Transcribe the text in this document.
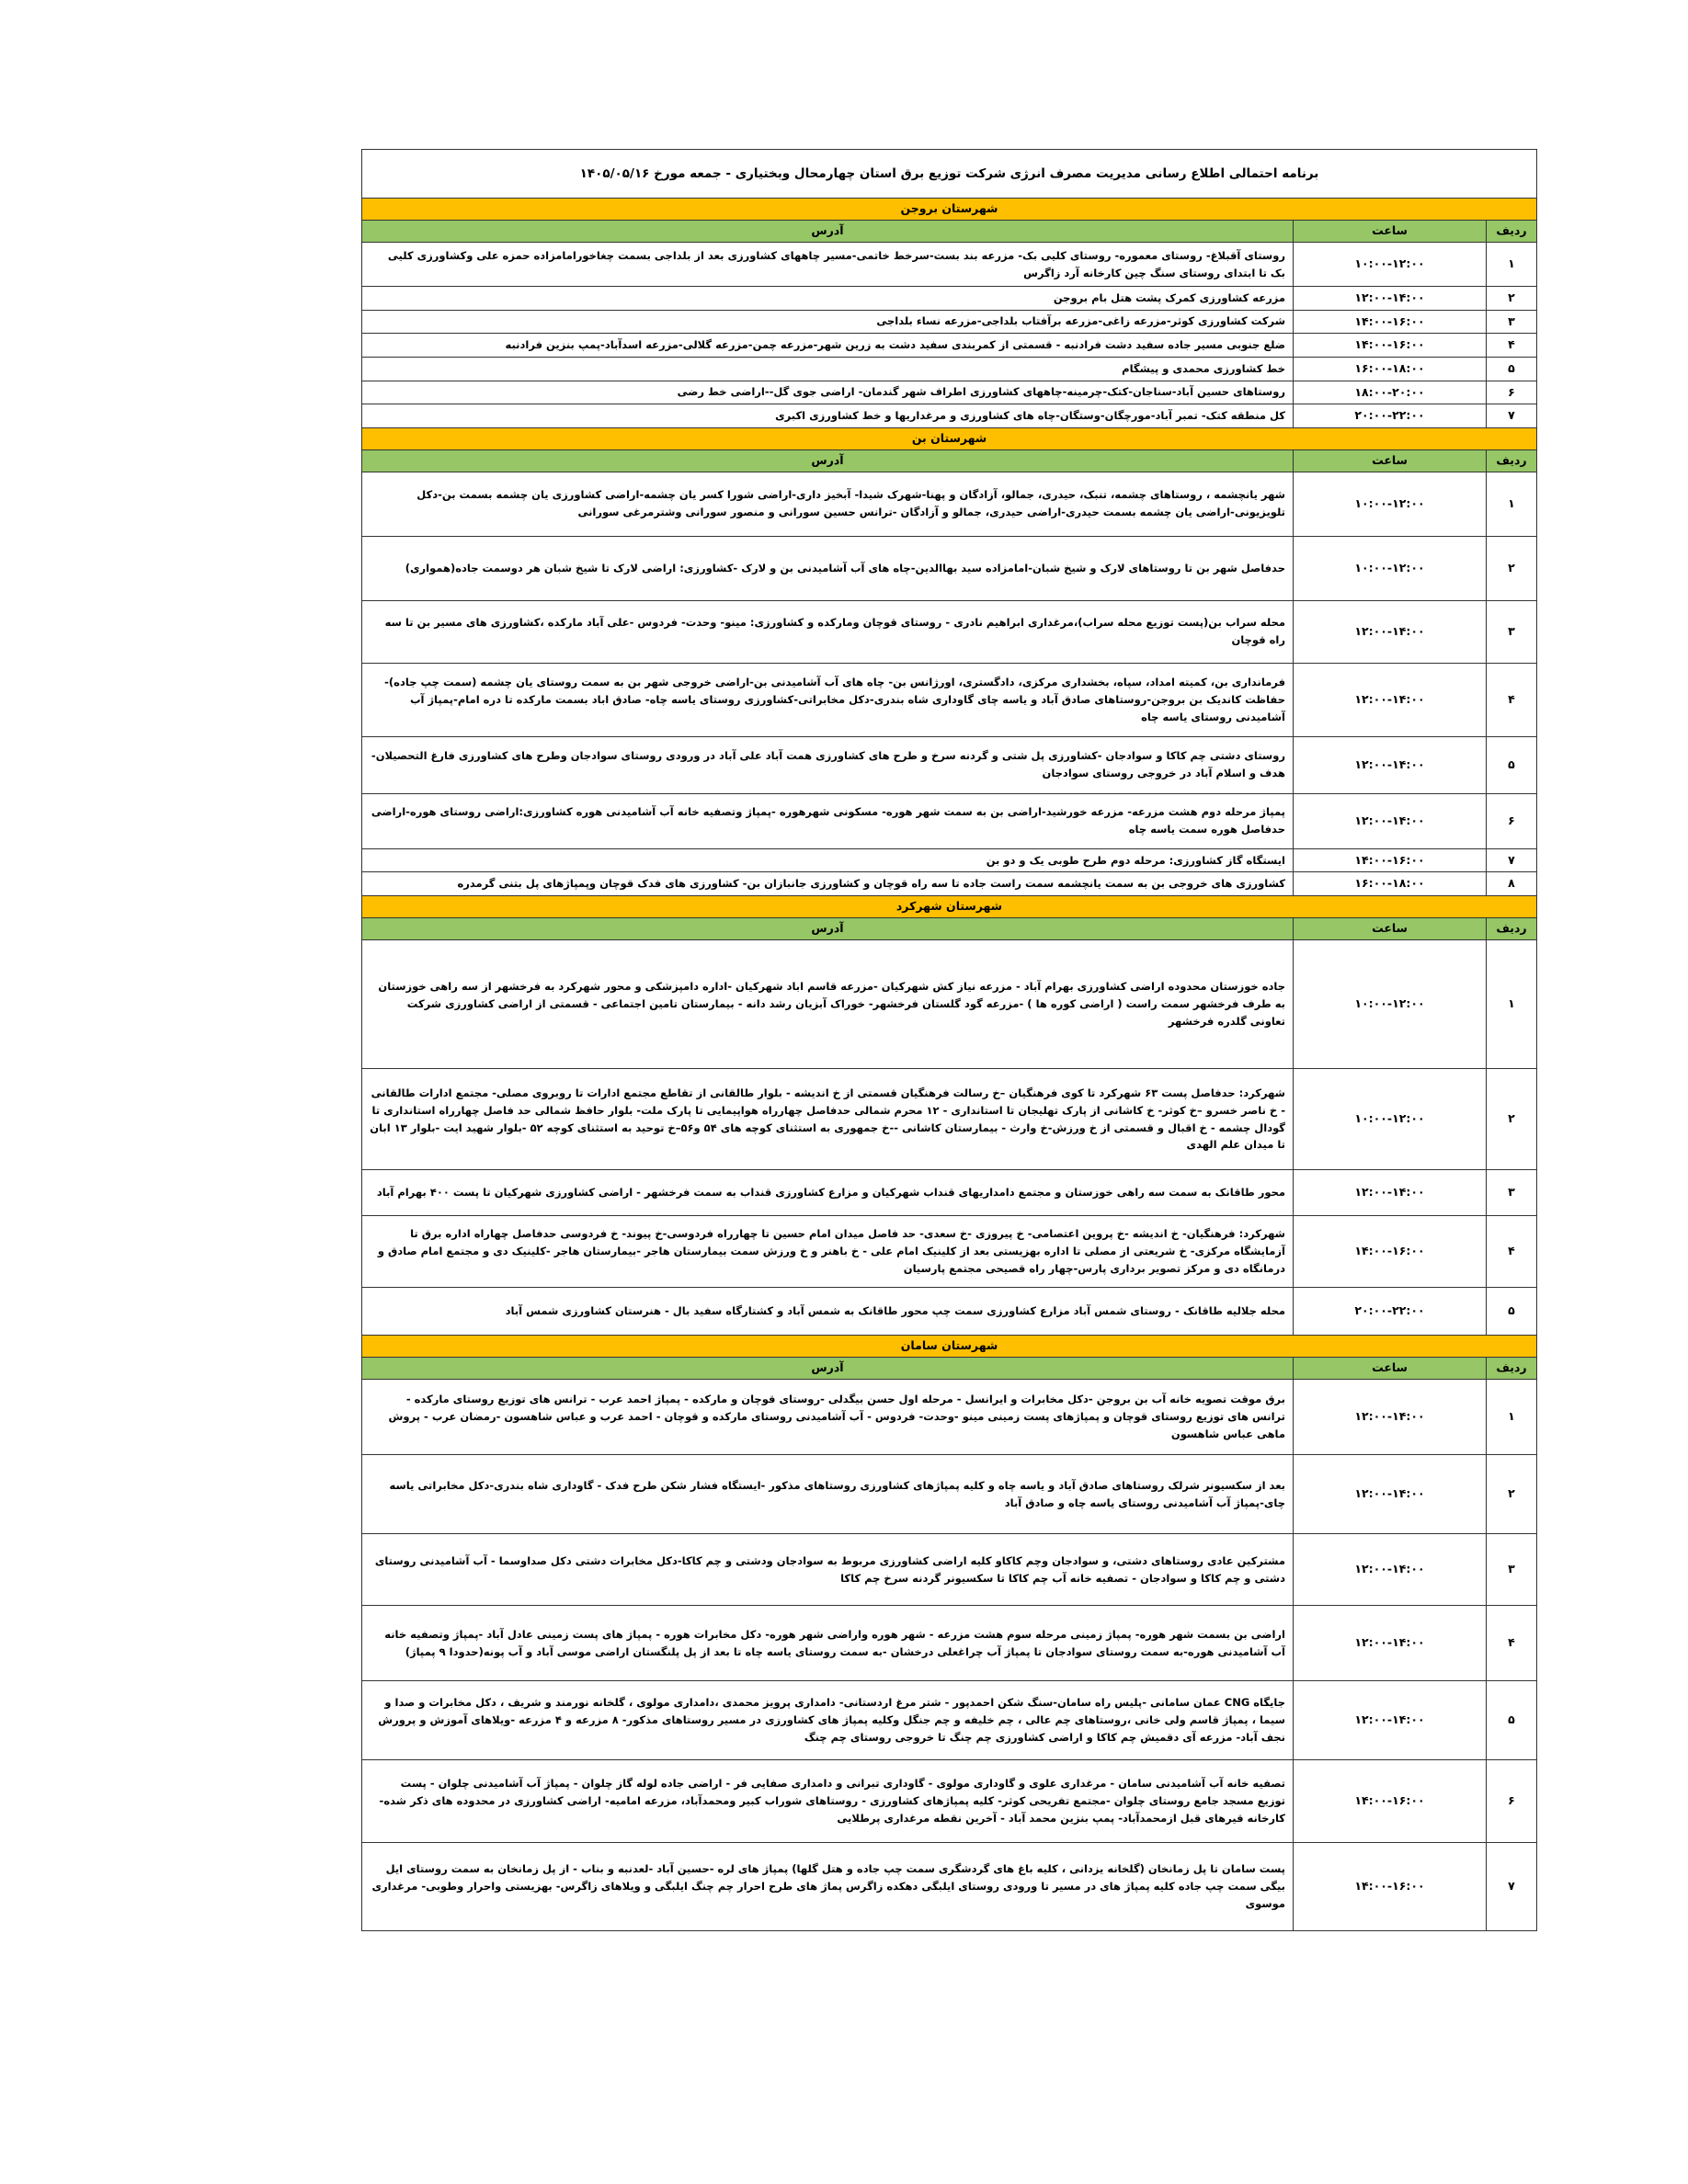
برنامه احتمالی اطلاع رسانی مدیریت مصرف انرژی شرکت توزیع برق استان چهارمحال وبختیاری - جمعه مورخ ۱۴۰۵/۰۵/۱۶		
شهرستان بروجن		
ردیف	ساعت	آدرس
۱	۱۰:۰۰-۱۲:۰۰	روستای آقبلاغ- روستای معموره- روستای کلیی بک- مزرعه بند بست-سرخط خاتمی-مسیر چاههای کشاورزی بعد از بلداجی بسمت چغاخورامامزاده حمزه علی وکشاورزی کلیی بک تا ابتدای روستای سنگ چین کارخانه آرد زاگرس
۲	۱۲:۰۰-۱۴:۰۰	مزرعه کشاورزی کمرک پشت هتل بام بروجن
۳	۱۴:۰۰-۱۶:۰۰	شرکت کشاورزی کوثر-مزرعه زاغی-مزرعه برآفتاب بلداجی-مزرعه نساء بلداجی
۴	۱۴:۰۰-۱۶:۰۰	ضلع جنوبی مسیر جاده سفید دشت فرادنبه - قسمتی از کمربندی سفید دشت به زرین شهر-مزرعه چمن-مزرعه گلالی-مزرعه اسدآباد-پمپ بنزین فرادنبه
۵	۱۶:۰۰-۱۸:۰۰	خط کشاورزی محمدی و پیشگام
۶	۱۸:۰۰-۲۰:۰۰	روستاهای حسین آباد-سناجان-کتک-چرمینه-چاههای کشاورزی اطراف شهر گندمان- اراضی جوی گل--اراضی خط رضی
۷	۲۰:۰۰-۲۲:۰۰	کل منطقه کتک- تمبر آباد-مورچگان-وستگان-چاه های کشاورزی و مرغداریها و خط کشاورزی اکبری
شهرستان بن		
ردیف	ساعت	آدرس
۱	۱۰:۰۰-۱۲:۰۰	شهر یانچشمه ، روستاهای چشمه، تنبک، حیدری، جمالو، آزادگان و پهنا-شهرک شیدا- آبخیز داری-اراضی شورا کسر یان چشمه-اراضی کشاورزی یان چشمه بسمت بن-دکل تلویزیونی-اراضی یان چشمه بسمت حیدری-اراضی حیدری، جمالو و آزادگان -ترانس حسین سورانی و منصور سورانی وشترمرغی سورانی
۲	۱۰:۰۰-۱۲:۰۰	حدفاصل شهر بن تا روستاهای لارک و شیخ شبان-امامزاده سید بهاالدین-چاه های آب آشامیدنی بن و لارک -کشاورزی: اراضی لارک تا شیخ شبان هر دوسمت جاده(هموارى)
۳	۱۲:۰۰-۱۴:۰۰	محله سراب بن(پست توزیع محله سراب)،مرغداری ابراهیم نادری - روستای قوچان ومارکده و کشاورزی: مینو- وحدت- فردوس -علی آباد مارکده ،کشاورزی های مسیر بن تا سه راه قوچان
۴	۱۲:۰۰-۱۴:۰۰	فرمانداری بن، کمیته امداد، سپاه، بخشداری مرکزی، دادگستری، اورژانس بن- چاه های آب آشامیدنی بن-اراضی خروجی شهر بن به سمت روستای یان چشمه (سمت چپ جاده)- حفاظت کاندیک بن بروجن-روستاهای صادق آباد و یاسه چای گاوداری شاه بندری-دکل مخابراتی-کشاورزی روستای یاسه چاه- صادق اباد بسمت مارکده تا دره امام-پمپاژ آب آشامیدنی روستای یاسه چاه
۵	۱۲:۰۰-۱۴:۰۰	روستای دشتی چم کاکا و سوادجان -کشاورزی پل شتی و گردنه سرخ و طرح های کشاورزی همت آباد علی آباد در ورودی روستای سوادجان وطرح های کشاورزی فارغ التحصیلان- هدف و اسلام آباد در خروجی روستای سوادجان
۶	۱۲:۰۰-۱۴:۰۰	پمپاژ مرحله دوم هشت مزرعه- مزرعه خورشید-اراضی بن به سمت شهر هوره- مسکونی شهرهوره -پمپاژ وتصفیه خانه آب آشامیدنی هوره کشاورزی:اراضی روستای هوره-اراضی حدفاصل هوره سمت یاسه چاه
۷	۱۴:۰۰-۱۶:۰۰	ایستگاه گاز کشاورزی: مرحله دوم طرح طوبی یک و دو بن
۸	۱۶:۰۰-۱۸:۰۰	کشاورزی های خروجی بن به سمت یانچشمه سمت راست جاده تا سه راه قوچان و کشاورزی جانبازان بن- کشاورزی های فدک قوچان وپمپاژهای پل بتنی گرمدره
شهرستان شهرکرد		
ردیف	ساعت	آدرس
۱	۱۰:۰۰-۱۲:۰۰	جاده خوزستان محدوده اراضی کشاورزی بهرام آباد - مزرعه نیاز کش شهرکیان -مزرعه قاسم اباد شهرکیان -اداره دامپزشکی و محور شهرکرد به فرخشهر از سه راهی خوزستان به طرف فرخشهر سمت راست ( اراضی کوره ها ) -مزرعه گود گلستان فرخشهر- خوراک آبزیان رشد دانه - بیمارستان تامین اجتماعی - قسمتی از اراضی کشاورزی شرکت تعاونی گلدره فرخشهر
۲	۱۰:۰۰-۱۲:۰۰	شهرکرد: حدفاصل پست ۶۳ شهرکرد تا کوی فرهنگیان –خ رسالت فرهنگیان قسمتی از خ اندیشه - بلوار طالقانی از تقاطع مجتمع ادارات تا روبروی مصلی- مجتمع ادارات طالقانی - خ ناصر خسرو –خ کوثر- خ کاشانی از پارک تهلیجان تا استانداری - ۱۲ محرم شمالی حدفاصل چهارراه هواپیمایی تا پارک ملت- بلوار حافظ شمالی حد فاصل چهارراه استانداری تا گودال چشمه - خ اقبال و قسمتی از خ ورزش-خ وارث - بیمارستان کاشانی --خ جمهوری به استثنای کوچه های ۵۴ و۵۶–خ توحید به استثنای کوچه ۵۲ -بلوار شهید ایت -بلوار ۱۳ ابان تا میدان علم الهدی
۳	۱۲:۰۰-۱۴:۰۰	محور طاقانک به سمت سه راهی خوزستان و مجتمع دامداریهای قنداب شهرکیان و مزارع کشاورزی قنداب به سمت فرخشهر - اراضی کشاورزی شهرکیان تا پست ۴۰۰ بهرام آباد
۴	۱۴:۰۰-۱۶:۰۰	شهرکرد: فرهنگیان- خ اندیشه -خ پروین اعتصامی- خ پیروزی -خ سعدی- حد فاصل میدان امام حسین تا چهارراه فردوسی-خ پیوند- خ فردوسی حدفاصل چهاراه اداره برق تا آزمایشگاه مرکزی- خ شریعتی از مصلی تا اداره بهزیستی بعد از کلینیک امام علی - خ باهنر و خ ورزش سمت بیمارستان هاجر -بیمارستان هاجر -کلینیک دی و مجتمع امام صادق و درمانگاه دی و مرکز تصویر برداری پارس-چهار راه قصیحی مجتمع پارسیان
۵	۲۰:۰۰-۲۲:۰۰	محله جلالیه طاقانک - روستای شمس آباد مزارع کشاورزی سمت چپ محور طاقانک به شمس آباد و کشتارگاه سفید بال - هنرستان کشاورزی شمس آباد
شهرستان سامان		
ردیف	ساعت	آدرس
۱	۱۲:۰۰-۱۴:۰۰	برق موقت تصویه خانه آب بن بروجن -دکل مخابرات و ایرانسل - مرحله اول حسن بیگدلی -روستای قوچان و مارکده - پمپاژ احمد عرب - ترانس های توزیع روستای مارکده - ترانس های توزیع روستای قوچان و پمپاژهای پست زمینی مینو -وحدت- فردوس - آب آشامیدنی روستای مارکده و قوچان - احمد عرب و عباس شاهسون -رمضان عرب - پروش ماهی عباس شاهسون
۲	۱۲:۰۰-۱۴:۰۰	بعد از سکسیونر شرلک روستاهای صادق آباد و یاسه چاه و کلیه پمپاژهای کشاورزی روستاهای مذکور -ایستگاه فشار شکن طرح فدک - گاوداری شاه بندری-دکل مخابراتی یاسه چای-پمپاژ آب آشامیدنی روستای یاسه چاه و صادق آباد
۳	۱۲:۰۰-۱۴:۰۰	مشترکین عادی روستاهای دشتی، و سوادجان وچم کاکاو کلیه اراضی کشاورزی مربوط به سوادجان ودشتی و چم کاکا-دکل مخابرات دشتی دکل صداوسما - آب آشامیدنی روستای دشتی و چم کاکا و سوادجان - تصفیه خانه آب چم کاکا تا سکسیونر گردنه سرخ چم کاکا
۴	۱۲:۰۰-۱۴:۰۰	اراضی بن بسمت شهر هوره- پمپاژ زمینی مرحله سوم هشت مزرعه - شهر هوره واراضی شهر هوره- دکل مخابرات هوره - پمپاژ های پست زمینی عادل آباد -پمپاژ وتصفیه خانه آب آشامیدنی هوره-به سمت روستای سوادجان تا پمپاژ آب چراغعلی درخشان -به سمت روستای یاسه چاه تا بعد از پل پلنگستان اراضی موسی آباد و آب پونه(حدودا ۹ پمپاژ)
۵	۱۲:۰۰-۱۴:۰۰	جایگاه CNG عمان سامانی -پلیس راه سامان-سنگ شکن احمدپور - شتر مرغ اردستانی- دامداری پرویز محمدی ،دامداری مولوی ، گلخانه نورمند و شریف ، دکل مخابرات و صدا و سیما ، پمپاژ قاسم ولی خانی ،روستاهای چم عالی ، چم خلیفه و چم جنگل وکلیه پمپاژ های کشاورزی در مسیر روستاهای مذکور- ۸ مزرعه و ۴ مزرعه -ویلاهای آموزش و پرورش نجف آباد- مزرعه آی دقمیش چم کاکا و اراضی کشاورزی چم چنگ تا خروجی روستای چم چنگ
۶	۱۴:۰۰-۱۶:۰۰	تصفیه خانه آب آشامیدنی سامان - مرغداری علوی و گاوداری مولوی - گاوداری تبرانی و دامداری صفایی فر - اراضی جاده لوله گاز چلوان - پمپاژ آب آشامیدنی چلوان - پست توزیع مسجد جامع روستای چلوان -مجتمع تفریحی کوثر- کلیه پمپاژهای کشاورزی - روستاهای شوراب کبیر ومحمدآباد، مزرعه امامیه- اراضی کشاورزی در محدوده های ذکر شده-کارخانه قیرهای قبل ازمحمدآباد- پمپ بنزین محمد آباد - آخرین نقطه مرغداری پرطلایی
۷	۱۴:۰۰-۱۶:۰۰	پست سامان تا پل زمانخان (گلخانه یزدانی ، کلیه باغ های گردشگری سمت چپ جاده و هتل گلها) پمپاژ های لره -حسین آباد -لعدنبه و بناب - از پل زمانخان به سمت روستای ایل بیگی سمت چپ جاده کلیه پمپاژ های در مسیر تا ورودی روستای ایلبگی دهکده زاگرس پماژ های طرح احرار چم چنگ ایلبگی و ویلاهای زاگرس- بهزیستی واحرار وطوبی- مرغداری موسوی
